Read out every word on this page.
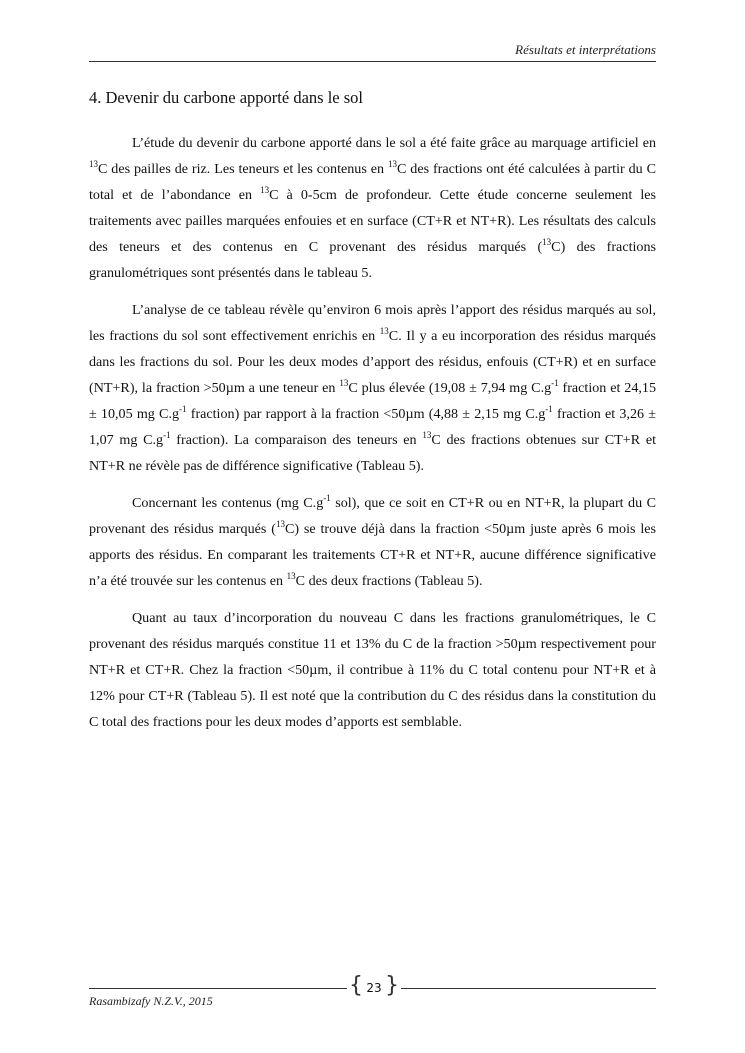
Résultats et interprétations
4. Devenir du carbone apporté dans le sol

L’étude du devenir du carbone apporté dans le sol a été faite grâce au marquage artificiel en $^{13}$C des pailles de riz. Les teneurs et les contenus en $^{13}$C des fractions ont été calculées à partir du C total et de l’abondance en $^{13}$C à 0-5cm de profondeur. Cette étude concerne seulement les traitements avec pailles marquées enfouies et en surface (CT+R et NT+R). Les résultats des calculs des teneurs et des contenus en C provenant des résidus marqués ($^{13}$C) des fractions granulométriques sont présentés dans le tableau 5.

L’analyse de ce tableau révèle qu’environ 6 mois après l’apport des résidus marqués au sol, les fractions du sol sont effectivement enrichis en $^{13}$C. Il y a eu incorporation des résidus marqués dans les fractions du sol. Pour les deux modes d’apport des résidus, enfouis (CT+R) et en surface (NT+R), la fraction >50µm a une teneur en $^{13}$C plus élevée (19,08 ± 7,94 mg $C.g^{-1}$ fraction et 24,15 ± 10,05 mg $C.g^{-1}$ fraction) par rapport à la fraction <50µm (4,88 ± 2,15 mg $C.g^{-1}$ fraction et 3,26 ± 1,07 mg $C.g^{-1}$ fraction). La comparaison des teneurs en $^{13}$C des fractions obtenues sur CT+R et NT+R ne révèle pas de différence significative (Tableau 5).

Concernant les contenus (mg $C.g^{-1}$ sol), que ce soit en CT+R ou en NT+R, la plupart du C provenant des résidus marqués ($^{13}$C) se trouve déjà dans la fraction <50µm juste après 6 mois les apports des résidus. En comparant les traitements CT+R et NT+R, aucune différence significative n’a été trouvée sur les contenus en $^{13}$C des deux fractions (Tableau 5).

Quant au taux d’incorporation du nouveau C dans les fractions granulométriques, le C provenant des résidus marqués constitue 11 et 13% du C de la fraction >50µm respectivement pour NT+R et CT+R. Chez la fraction <50µm, il contribue à 11% du C total contenu pour NT+R et à 12% pour CT+R (Tableau 5). Il est noté que la contribution du C des résidus dans la constitution du C total des fractions pour les deux modes d’apports est semblable.

{ 23 }
Rasambizafy N.Z.V., 2015
